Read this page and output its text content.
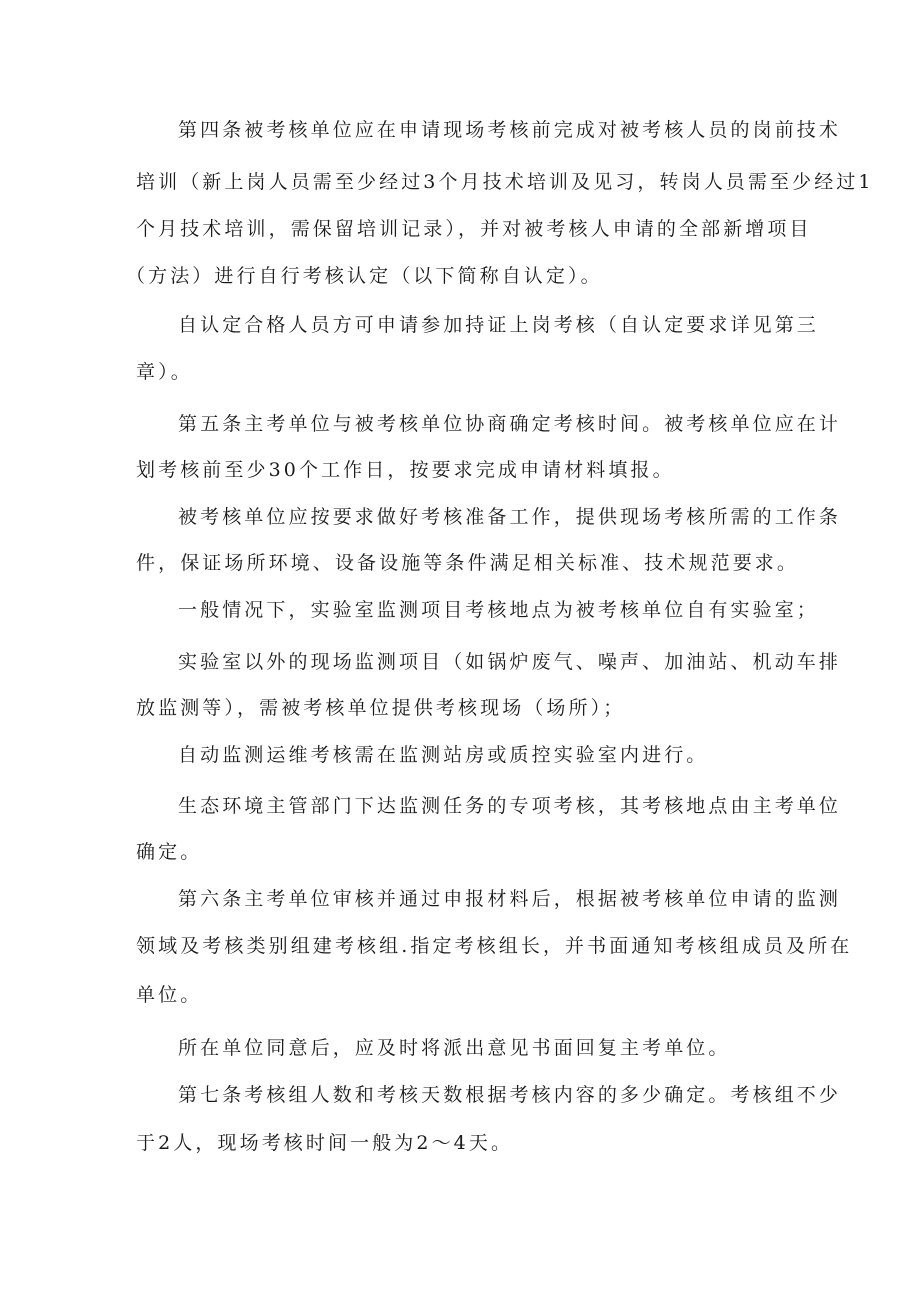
第四条被考核单位应在申请现场考核前完成对被考核人员的岗前技术
培训（新上岗人员需至少经过3个月技术培训及见习，转岗人员需至少经过1
个月技术培训，需保留培训记录），并对被考核人申请的全部新增项目
（方法）进行自行考核认定（以下简称自认定）。
自认定合格人员方可申请参加持证上岗考核（自认定要求详见第三
章）。
第五条主考单位与被考核单位协商确定考核时间。被考核单位应在计
划考核前至少30个工作日，按要求完成申请材料填报。
被考核单位应按要求做好考核准备工作，提供现场考核所需的工作条
件，保证场所环境、设备设施等条件满足相关标准、技术规范要求。
一般情况下，实验室监测项目考核地点为被考核单位自有实验室；
实验室以外的现场监测项目（如锅炉废气、噪声、加油站、机动车排
放监测等），需被考核单位提供考核现场（场所）；
自动监测运维考核需在监测站房或质控实验室内进行。
生态环境主管部门下达监测任务的专项考核，其考核地点由主考单位
确定。
第六条主考单位审核并通过申报材料后，根据被考核单位申请的监测
领域及考核类别组建考核组.指定考核组长，并书面通知考核组成员及所在
单位。
所在单位同意后，应及时将派出意见书面回复主考单位。
第七条考核组人数和考核天数根据考核内容的多少确定。考核组不少
于2人，现场考核时间一般为2～4天。
